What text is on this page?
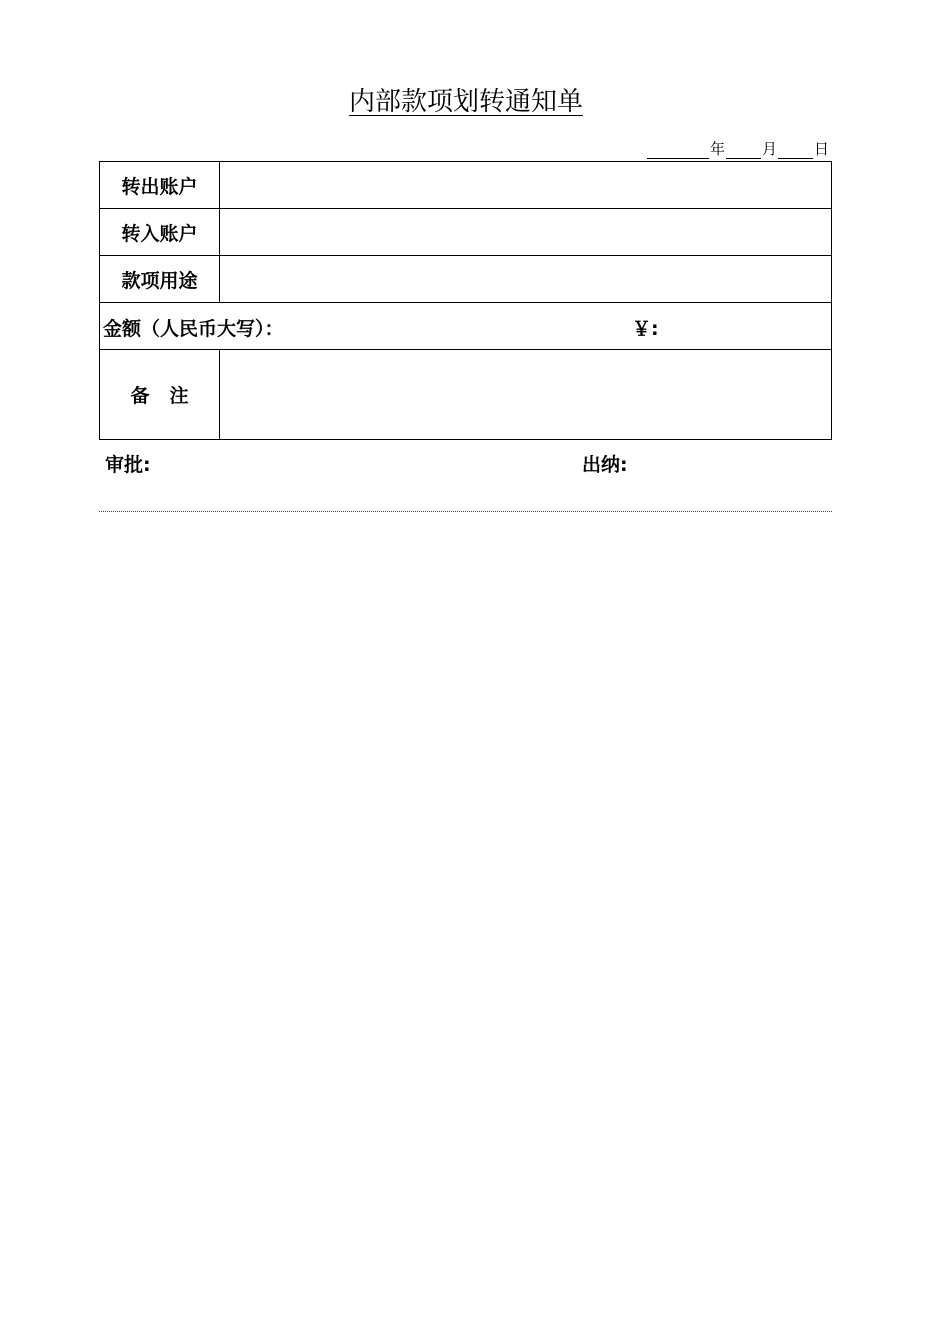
内部款项划转通知单
年 月 日
转出账户	
转入账户	
款项用途	

金额（人民币大写）： ￥:	

备注	
审批:	出纳:
